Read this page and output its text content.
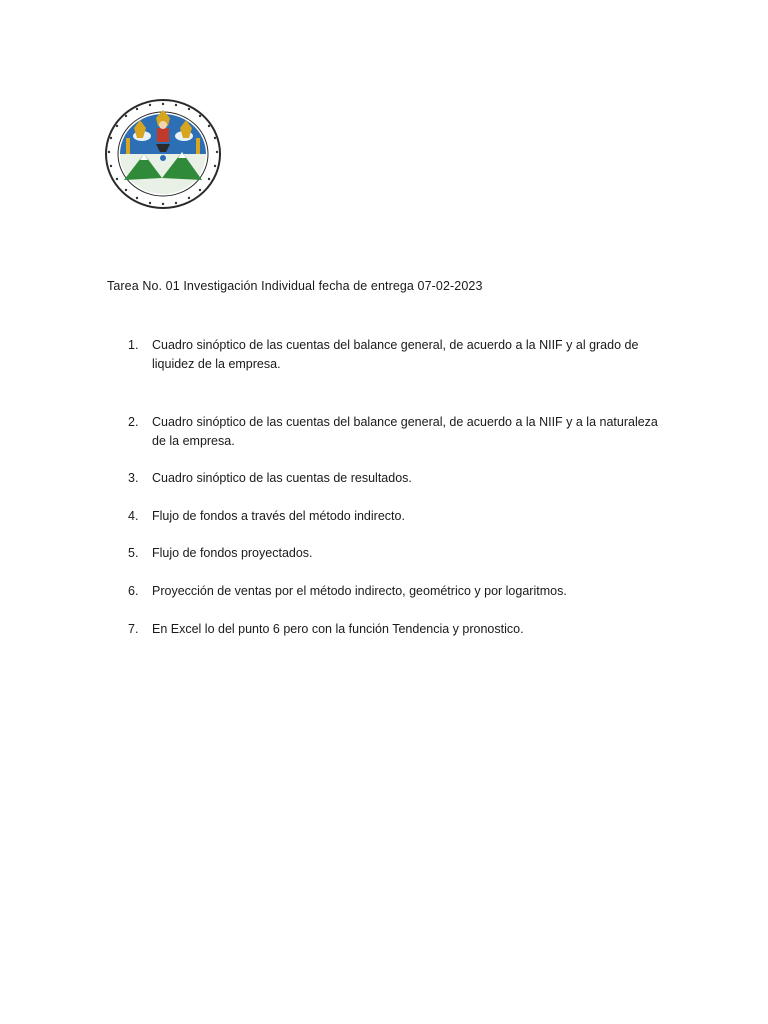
Tarea No. 01 Investigación Individual fecha de entrega 07-02-2023
1.	Cuadro sinóptico de las cuentas del balance general, de acuerdo a la NIIF y al grado de liquidez de la empresa.
2.	Cuadro sinóptico de las cuentas del balance general, de acuerdo a la NIIF y a la naturaleza de la empresa.
3.	Cuadro sinóptico de las cuentas de resultados.
4.	Flujo de fondos a través del método indirecto.
5.	Flujo de fondos proyectados.
6.	Proyección de ventas por el método indirecto, geométrico y por logaritmos.
7.	En Excel lo del punto 6 pero con la función Tendencia y pronostico.
